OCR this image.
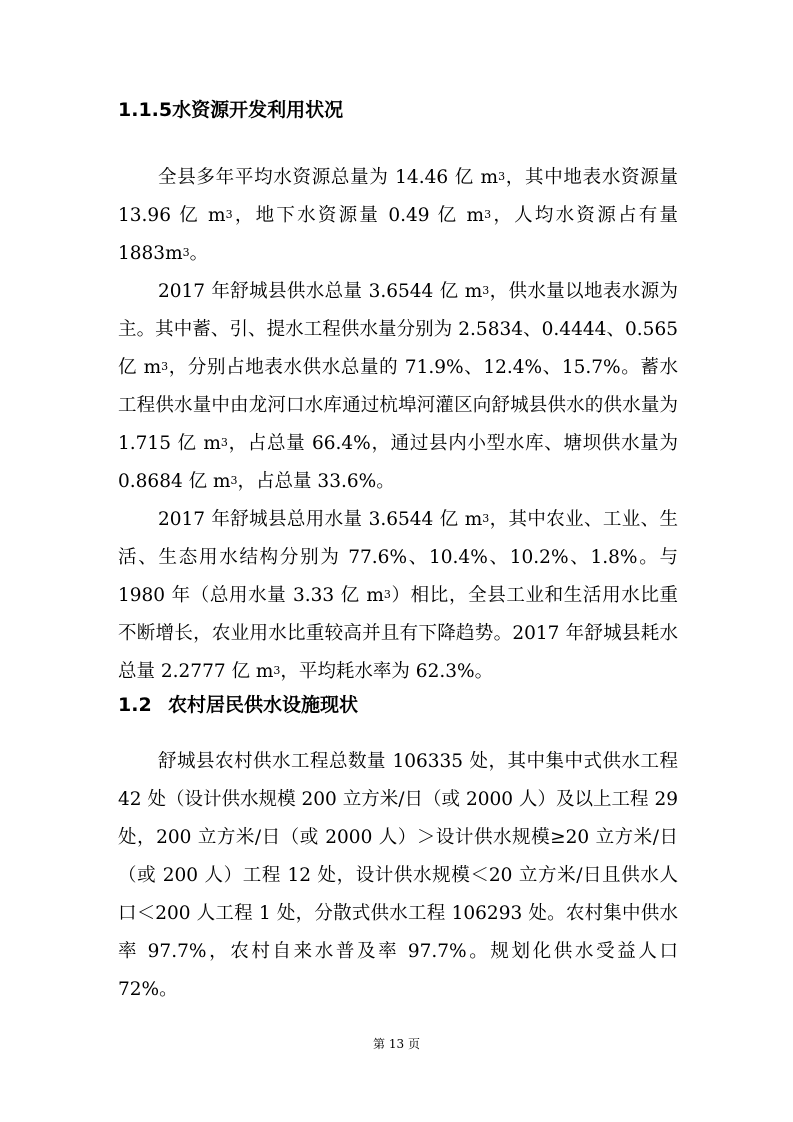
1.1.5水资源开发利用状况

全县多年平均水资源总量为 14.46 亿 $m^3$，其中地表水资源量 13.96 亿 $m^3$，地下水资源量 0.49 亿 $m^3$，人均水资源占有量 $1883m^3$。

2017 年舒城县供水总量 3.6544 亿 $m^3$，供水量以地表水源为主。其中蓄、引、提水工程供水量分别为 2.5834、0.4444、0.565 亿 $m^3$，分别占地表水供水总量的 71.9%、12.4%、15.7%。蓄水工程供水量中由龙河口水库通过杭埠河灌区向舒城县供水的供水量为 1.715 亿 $m^3$，占总量 66.4%，通过县内小型水库、塘坝供水量为 0.8684 亿 $m^3$，占总量 33.6%。

2017 年舒城县总用水量 3.6544 亿 $m^3$，其中农业、工业、生活、生态用水结构分别为 77.6%、10.4%、10.2%、1.8%。与 1980 年（总用水量 3.33 亿 $m^3$）相比，全县工业和生活用水比重不断增长，农业用水比重较高并且有下降趋势。2017 年舒城县耗水总量 2.2777 亿 $m^3$，平均耗水率为 62.3%。

1.2 农村居民供水设施现状

舒城县农村供水工程总数量 106335 处，其中集中式供水工程 42 处（设计供水规模 200 立方米/日（或 2000 人）及以上工程 29 处，200 立方米/日（或 2000 人）＞设计供水规模≥20 立方米/日（或 200 人）工程 12 处，设计供水规模＜20 立方米/日且供水人口＜200 人工程 1 处，分散式供水工程 106293 处。农村集中供水率 97.7%，农村自来水普及率 97.7%。规划化供水受益人口 72%。

第 13 页
